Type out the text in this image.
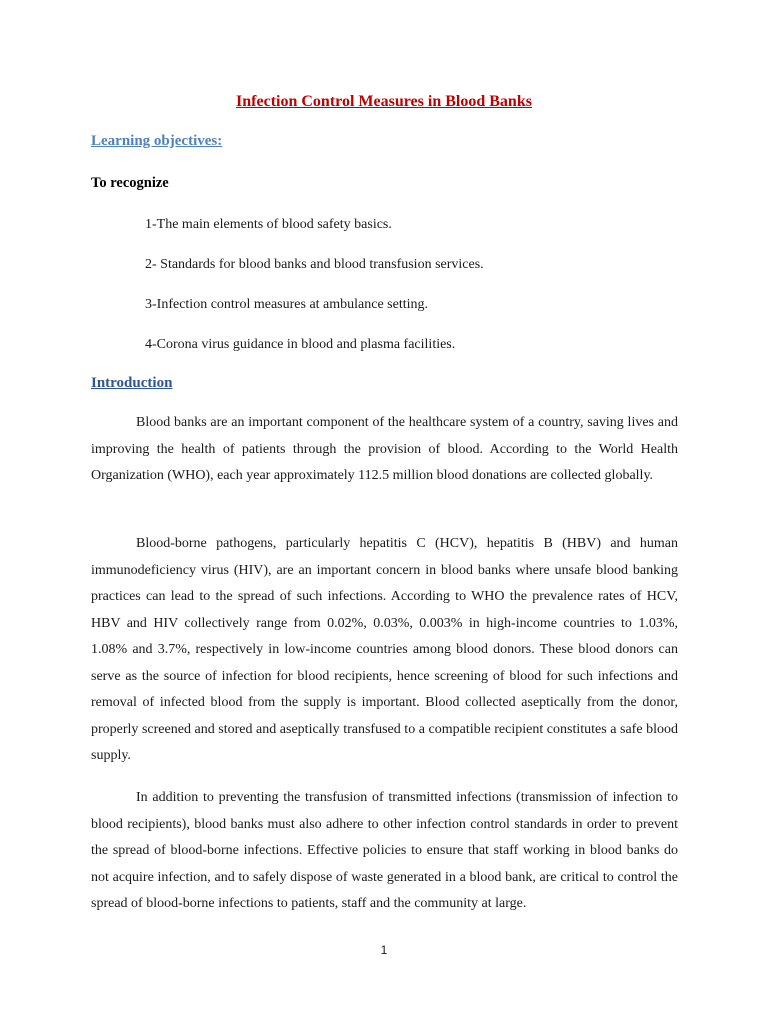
Infection Control Measures in Blood Banks
Learning objectives:

To recognize

1-The main elements of blood safety basics.

2- Standards for blood banks and blood transfusion services.

3-Infection control measures at ambulance setting.

4-Corona virus guidance in blood and plasma facilities.

Introduction

Blood banks are an important component of the healthcare system of a country, saving lives and improving the health of patients through the provision of blood. According to the World Health Organization (WHO), each year approximately 112.5 million blood donations are collected globally.

Blood-borne pathogens, particularly hepatitis C (HCV), hepatitis B (HBV) and human immunodeficiency virus (HIV), are an important concern in blood banks where unsafe blood banking practices can lead to the spread of such infections. According to WHO the prevalence rates of HCV, HBV and HIV collectively range from 0.02%, 0.03%, 0.003% in high-income countries to 1.03%, 1.08% and 3.7%, respectively in low-income countries among blood donors. These blood donors can serve as the source of infection for blood recipients, hence screening of blood for such infections and removal of infected blood from the supply is important. Blood collected aseptically from the donor, properly screened and stored and aseptically transfused to a compatible recipient constitutes a safe blood supply.

In addition to preventing the transfusion of transmitted infections (transmission of infection to blood recipients), blood banks must also adhere to other infection control standards in order to prevent the spread of blood-borne infections. Effective policies to ensure that staff working in blood banks do not acquire infection, and to safely dispose of waste generated in a blood bank, are critical to control the spread of blood-borne infections to patients, staff and the community at large.

1
